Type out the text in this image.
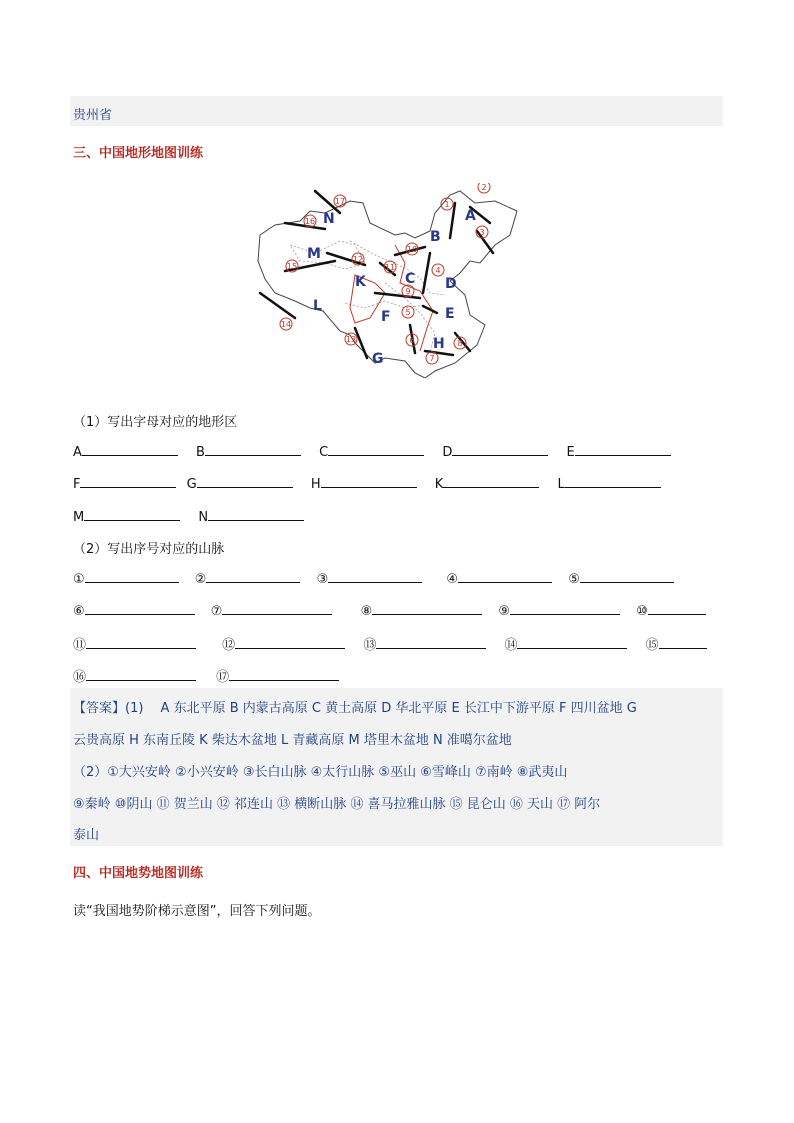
贵州省
三、中国地形地图训练
N
M
K
L
F
G
H
E
D
C
B
A
1
2
3
4
5
6
7
8
9
10
11
12
13
14
15
16
17
（1）写出字母对应的地形区
A	B	C	D	E
F	G	H	K	L
M	N
（2）写出序号对应的山脉
①	②	③	④	⑤
⑥	⑦	⑧	⑨	⑩
⑪	⑫	⑬	⑭	⑮
⑯	⑰
【答案】(1)　 A 东北平原 B 内蒙古高原 C 黄土高原 D 华北平原 E 长江中下游平原 F 四川盆地 G
云贵高原 H 东南丘陵 K 柴达木盆地 L 青藏高原 M 塔里木盆地 N 准噶尔盆地
（2）①大兴安岭 ②小兴安岭 ③长白山脉 ④太行山脉 ⑤巫山 ⑥雪峰山 ⑦南岭 ⑧武夷山
⑨秦岭 ⑩阴山 ⑪ 贺兰山 ⑫ 祁连山 ⑬ 横断山脉 ⑭ 喜马拉雅山脉 ⑮ 昆仑山 ⑯ 天山 ⑰ 阿尔
泰山
四、中国地势地图训练
读“我国地势阶梯示意图”，回答下列问题。
